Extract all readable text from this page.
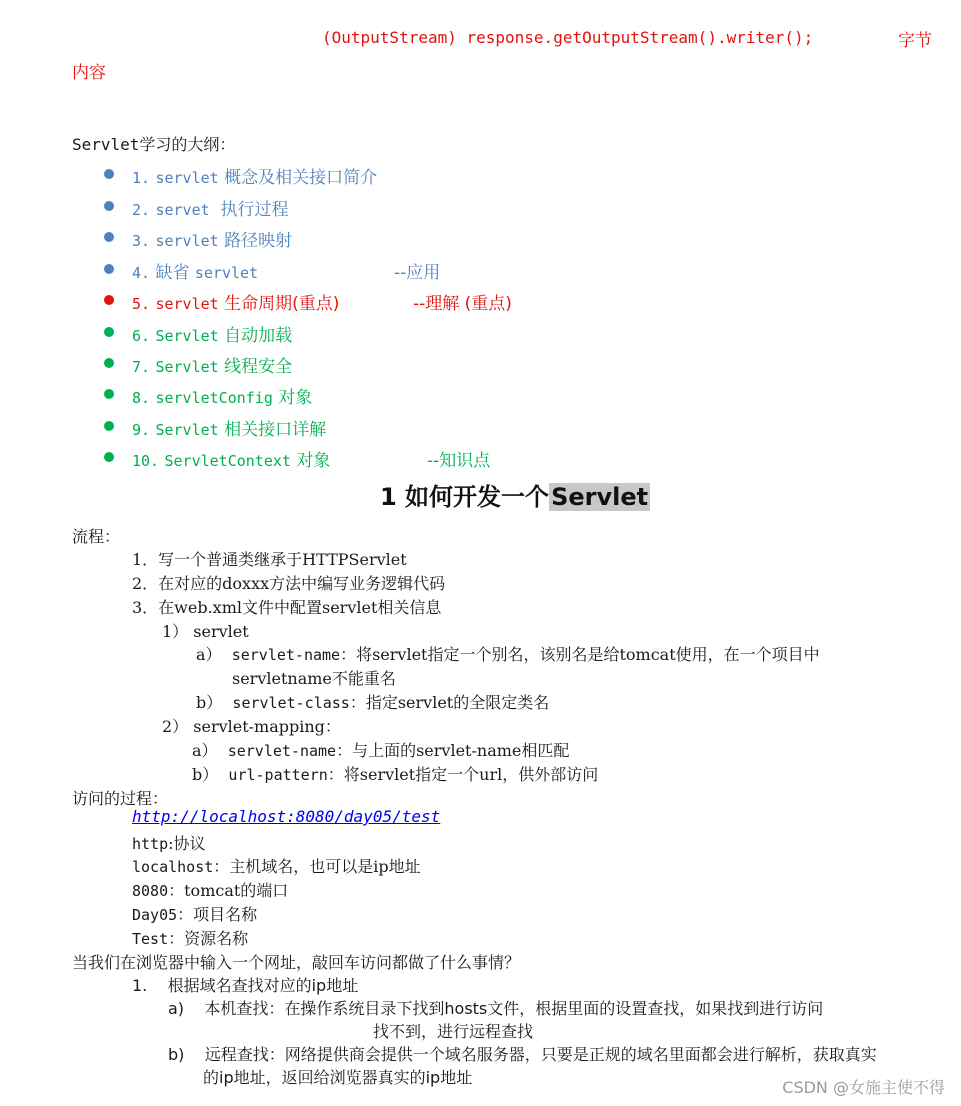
(OutputStream) response.getOutputStream().writer();	字节
内容
Servlet学习的大纲：
1. servlet 概念及相关接口简介
2. servet 执行过程
3. servlet 路径映射
4. 缺省 servlet	--应用
5. servlet 生命周期(重点)	--理解 (重点)
6. Servlet 自动加载
7. Servlet 线程安全
8. servletConfig 对象
9. Servlet 相关接口详解
10. ServletContext 对象	--知识点
1 如何开发一个Servlet
流程：
1．写一个普通类继承于HTTPServlet
2．在对应的doxxx方法中编写业务逻辑代码
3．在web.xml文件中配置servlet相关信息
1） servlet
a） servlet-name：将servlet指定一个别名，该别名是给tomcat使用，在一个项目中
servletname不能重名
b） servlet-class：指定servlet的全限定类名
2） servlet-mapping：
a） servlet-name：与上面的servlet-name相匹配
b） url-pattern：将servlet指定一个url，供外部访问
访问的过程：
http://localhost:8080/day05/test
http:协议
localhost：主机域名，也可以是ip地址
8080：tomcat的端口
Day05：项目名称
Test：资源名称
当我们在浏览器中输入一个网址，敲回车访问都做了什么事情？
1. 根据域名查找对应的ip地址
a) 本机查找：在操作系统目录下找到hosts文件，根据里面的设置查找，如果找到进行访问
找不到，进行远程查找
b) 远程查找：网络提供商会提供一个域名服务器，只要是正规的域名里面都会进行解析，获取真实
的ip地址，返回给浏览器真实的ip地址
CSDN @女施主使不得
